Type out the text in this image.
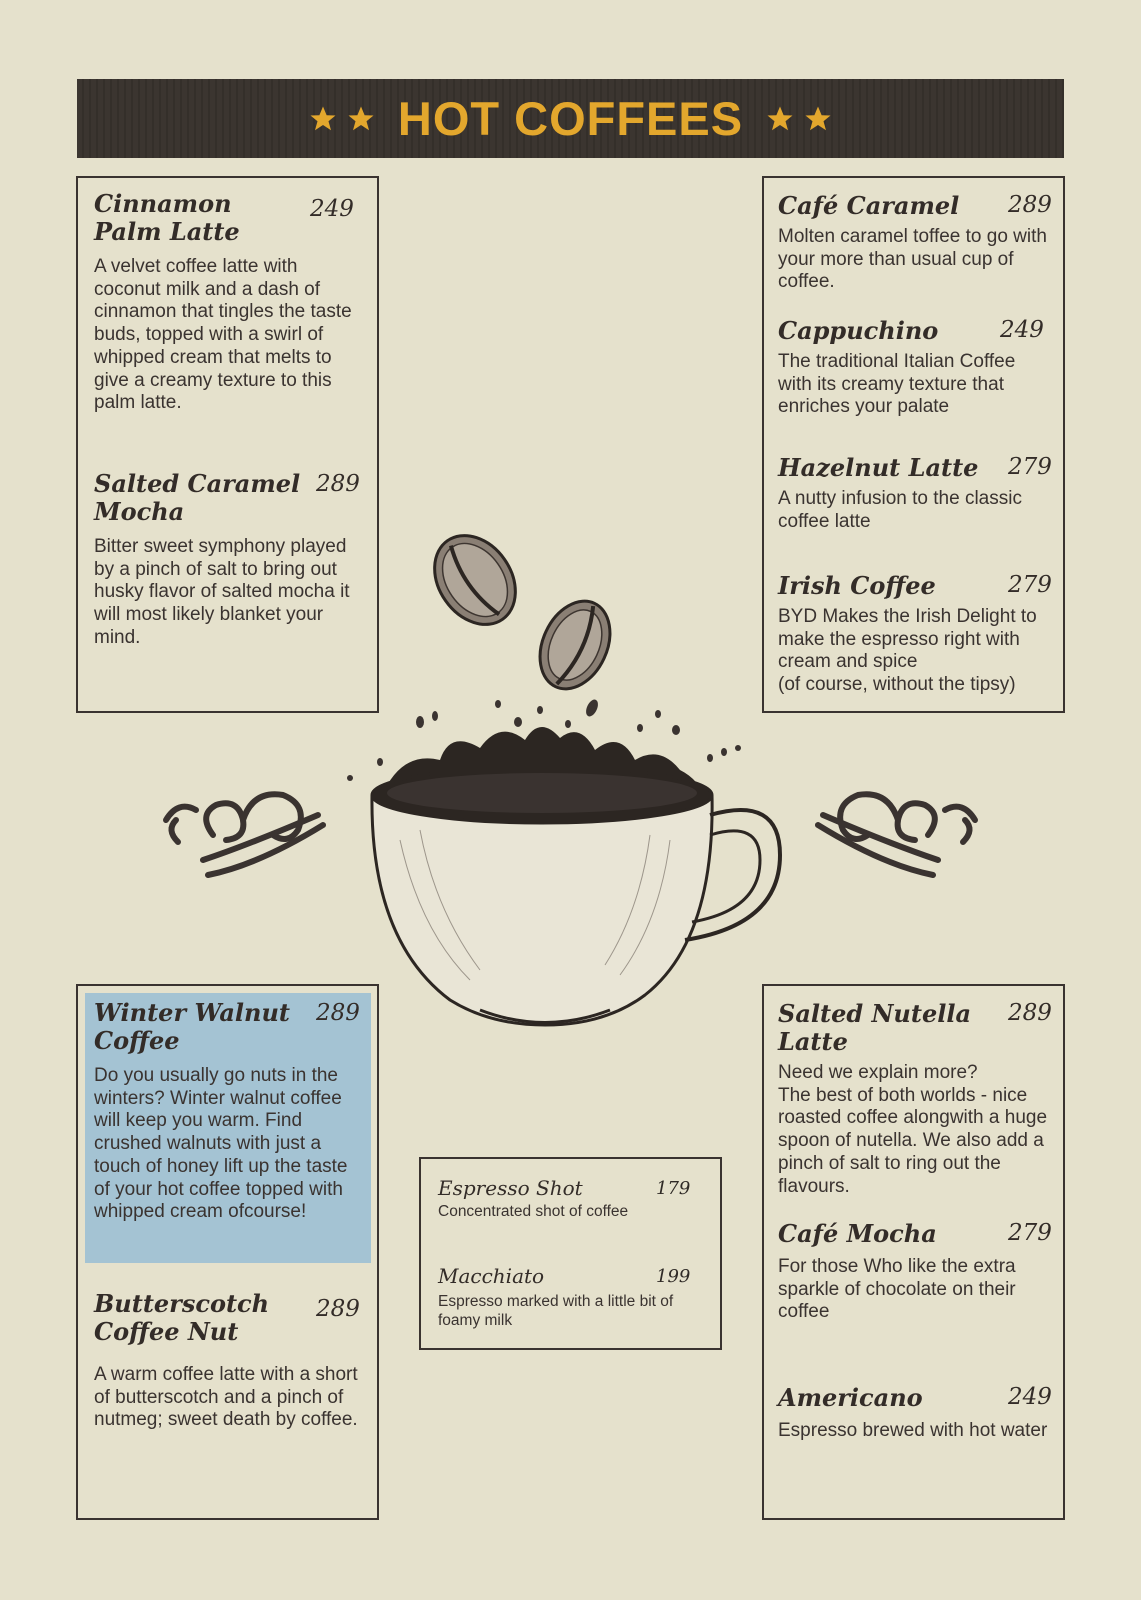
HOT COFFEES
Cinnamon
Palm Latte
249
A velvet coffee latte with coconut milk and a dash of cinnamon that tingles the taste buds, topped with a swirl of whipped cream that melts to give a creamy texture to this palm latte.
Salted Caramel
Mocha
289
Bitter sweet symphony played by a pinch of salt to bring out husky flavor of salted mocha it will most likely blanket your mind.
Café Caramel	289
Molten caramel toffee to go with your more than usual cup of coffee.
Cappuchino	249
The traditional Italian Coffee with its creamy texture that enriches your palate
Hazelnut Latte	279
A nutty infusion to the classic coffee latte
Irish Coffee	279
BYD Makes the Irish Delight to make the espresso right with cream and spice
(of course, without the tipsy)
Winter Walnut
Coffee
289
Do you usually go nuts in the winters? Winter walnut coffee will keep you warm. Find crushed walnuts with just a touch of honey lift up the taste of your hot coffee topped with whipped cream ofcourse!
Butterscotch
Coffee Nut
289
A warm coffee latte with a short of butterscotch and a pinch of nutmeg; sweet death by coffee.
Espresso Shot	179
Concentrated shot of coffee
Macchiato	199
Espresso marked with a little bit of foamy milk
Salted Nutella
Latte
289
Need we explain more?
The best of both worlds - nice roasted coffee alongwith a huge spoon of nutella. We also add a pinch of salt to ring out the flavours.
Café Mocha	279
For those Who like the extra sparkle of chocolate on their coffee
Americano	249
Espresso brewed with hot water
